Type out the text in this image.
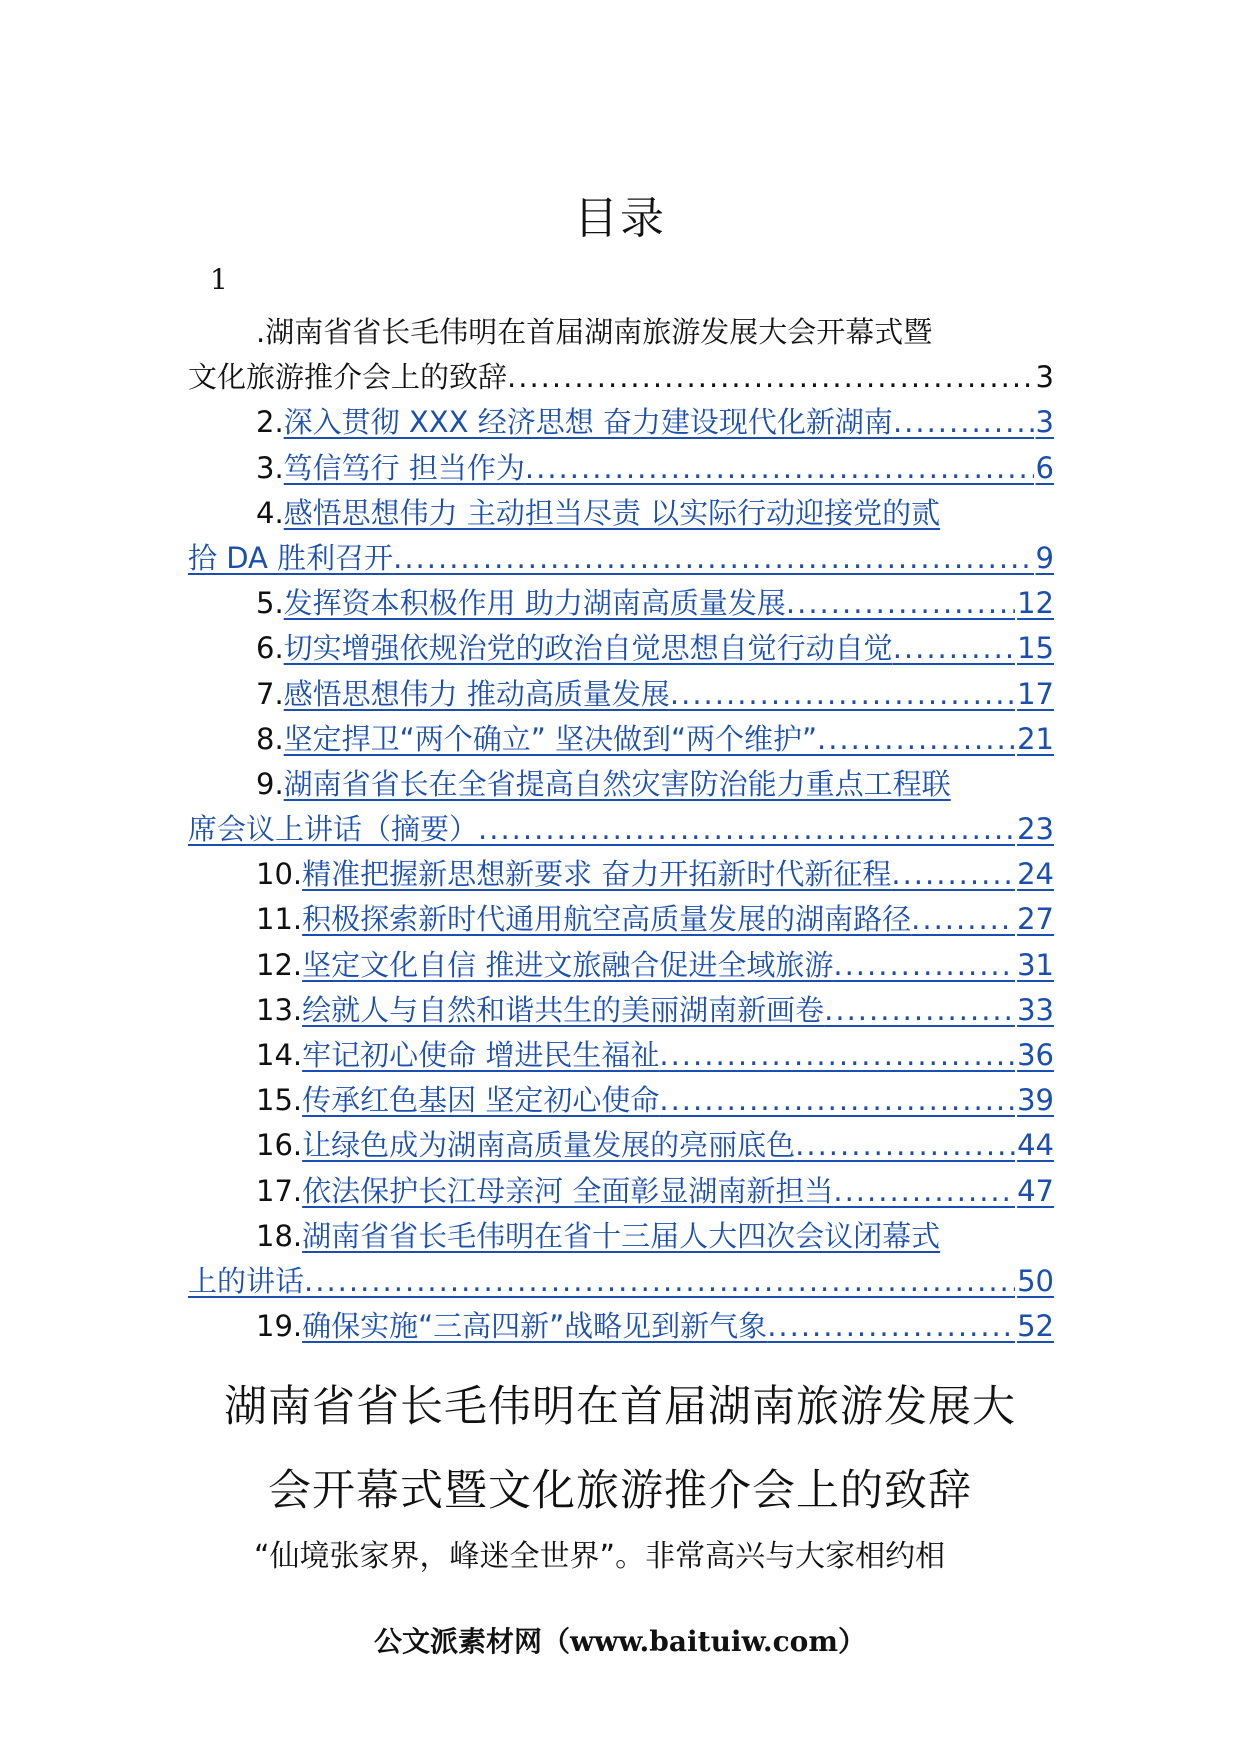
目录
1
. 湖南省省长毛伟明在首届湖南旅游发展大会开幕式暨
文化旅游推介会上的致辞 .....	3
2. 深入贯彻 XXX 经济思想 奋力建设现代化新湖南 .....	3
3. 笃信笃行 担当作为 .....	6
4. 感悟思想伟力 主动担当尽责 以实际行动迎接党的贰
拾 DA 胜利召开 .....	9
5. 发挥资本积极作用 助力湖南高质量发展 .....	12
6. 切实增强依规治党的政治自觉思想自觉行动自觉 .....	15
7. 感悟思想伟力 推动高质量发展 .....	17
8. 坚定捍卫“两个确立” 坚决做到“两个维护” .....	21
9. 湖南省省长在全省提高自然灾害防治能力重点工程联
席会议上讲话（摘要） .....	23
10. 精准把握新思想新要求 奋力开拓新时代新征程 .....	24
11. 积极探索新时代通用航空高质量发展的湖南路径 .....	27
12. 坚定文化自信 推进文旅融合促进全域旅游 .....	31
13. 绘就人与自然和谐共生的美丽湖南新画卷 .....	33
14. 牢记初心使命 增进民生福祉 .....	36
15. 传承红色基因 坚定初心使命 .....	39
16. 让绿色成为湖南高质量发展的亮丽底色 .....	44
17. 依法保护长江母亲河 全面彰显湖南新担当 .....	47
18. 湖南省省长毛伟明在省十三届人大四次会议闭幕式
上的讲话 .....	50
19. 确保实施“三高四新”战略见到新气象 .....	52
湖南省省长毛伟明在首届湖南旅游发展大
会开幕式暨文化旅游推介会上的致辞
“仙境张家界，峰迷全世界”。非常高兴与大家相约相
公文派素材网（www.baituiw.com）
